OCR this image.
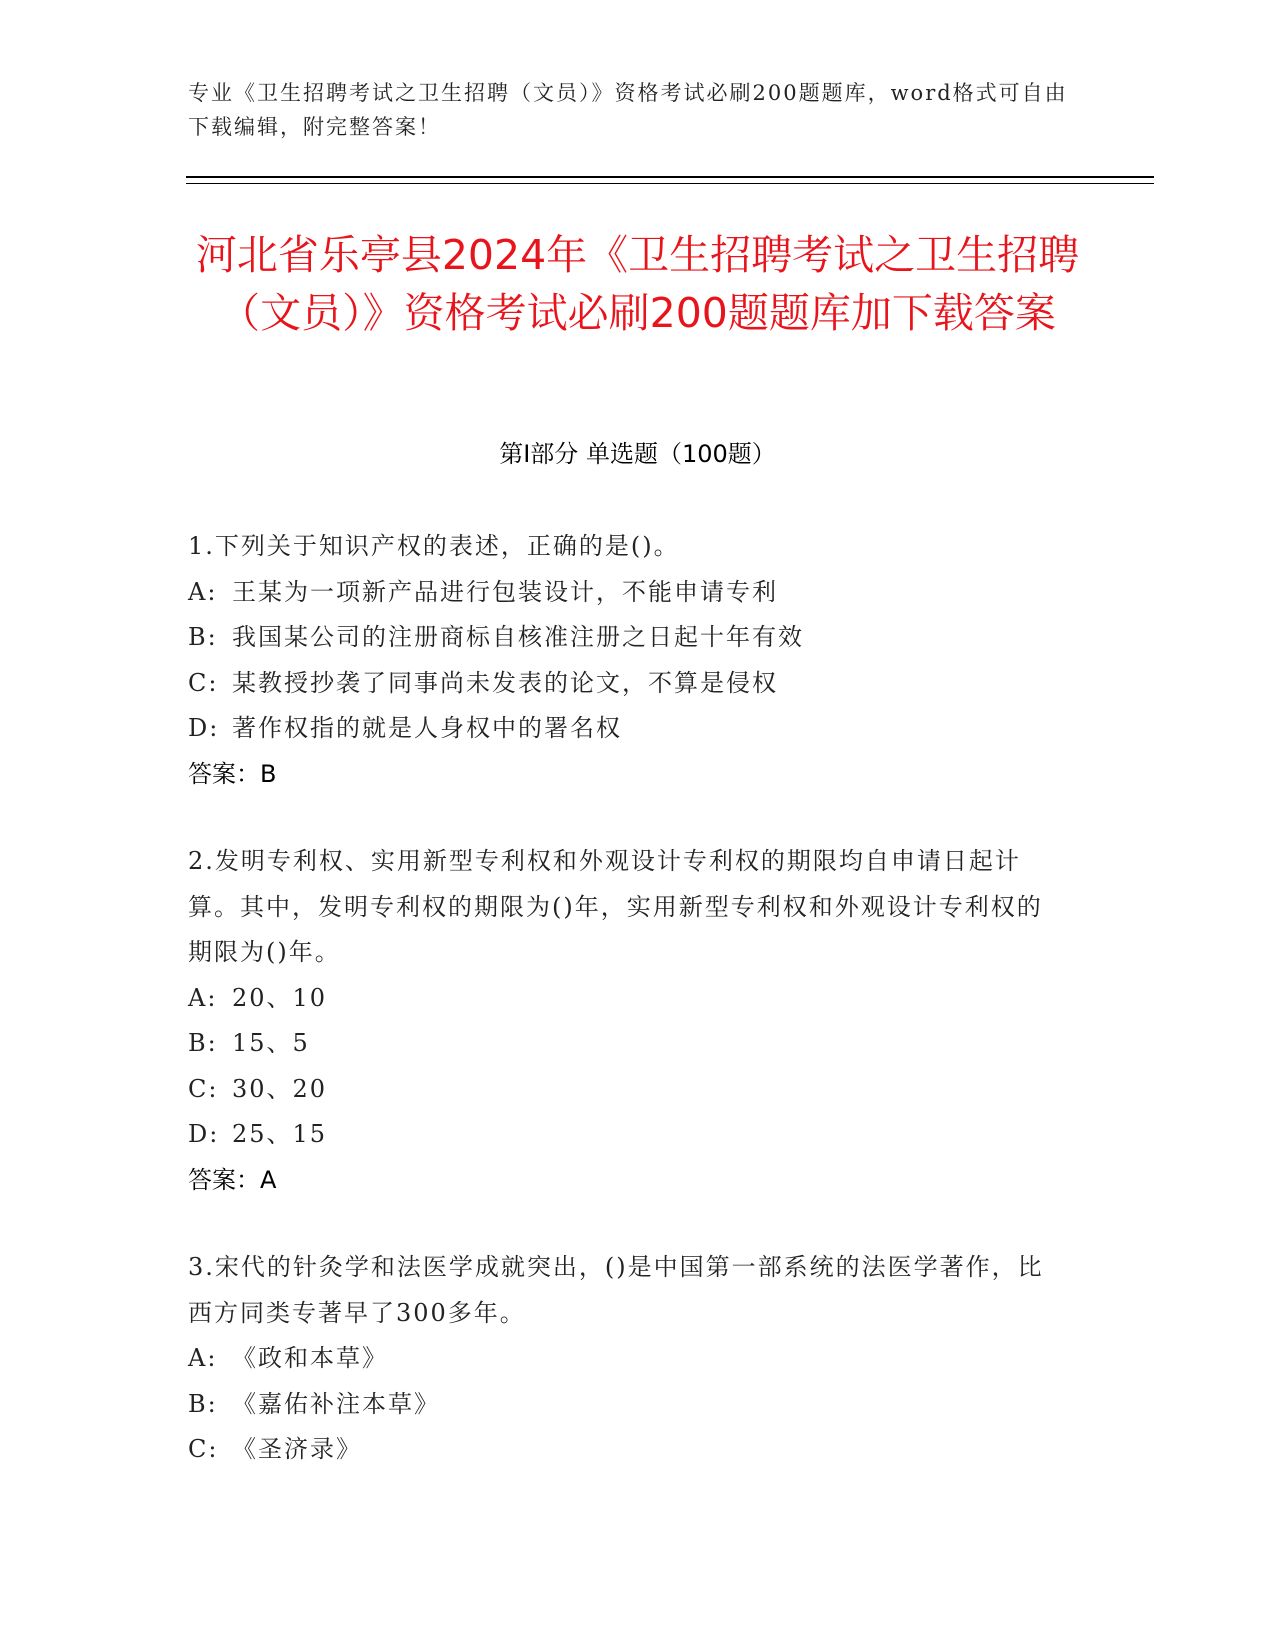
专业《卫生招聘考试之卫生招聘（文员）》资格考试必刷200题题库，word格式可自由下载编辑，附完整答案！
河北省乐亭县2024年《卫生招聘考试之卫生招聘（文员）》资格考试必刷200题题库加下载答案
第Ⅰ部分 单选题（100题）
1.下列关于知识产权的表述，正确的是()。
A: 王某为一项新产品进行包装设计，不能申请专利
B: 我国某公司的注册商标自核准注册之日起十年有效
C: 某教授抄袭了同事尚未发表的论文，不算是侵权
D: 著作权指的就是人身权中的署名权
答案：B
2.发明专利权、实用新型专利权和外观设计专利权的期限均自申请日起计算。其中，发明专利权的期限为()年，实用新型专利权和外观设计专利权的期限为()年。
A: 20、10
B: 15、5
C: 30、20
D: 25、15
答案：A
3.宋代的针灸学和法医学成就突出，()是中国第一部系统的法医学著作，比西方同类专著早了300多年。
A: 《政和本草》
B: 《嘉佑补注本草》
C: 《圣济录》
